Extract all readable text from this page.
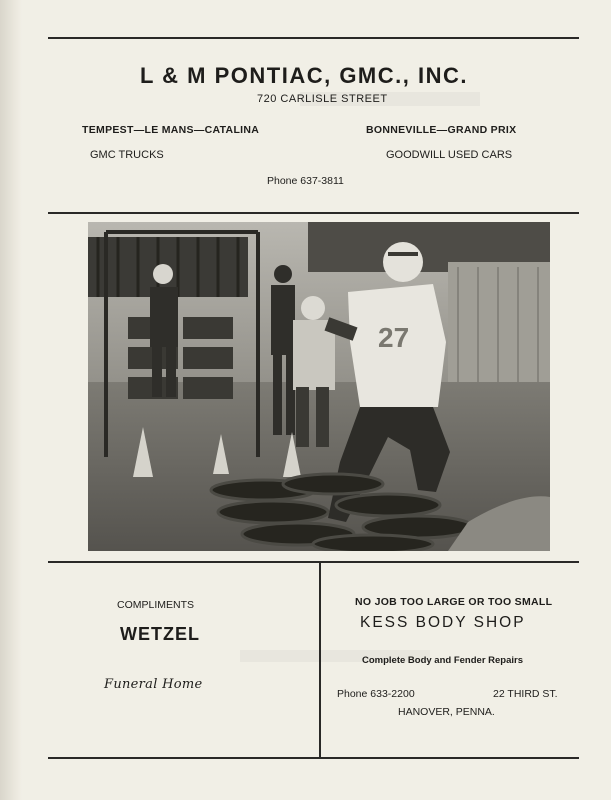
L & M PONTIAC, GMC., INC.
720 CARLISLE STREET
TEMPEST—LE MANS—CATALINA	BONNEVILLE—GRAND PRIX
GMC TRUCKS	GOODWILL USED CARS
Phone 637-3811
27
COMPLIMENTS
WETZEL
Funeral Home
NO JOB TOO LARGE OR TOO SMALL
KESS BODY SHOP
Complete Body and Fender Repairs
Phone 633-2200	22 THIRD ST.
HANOVER, PENNA.
